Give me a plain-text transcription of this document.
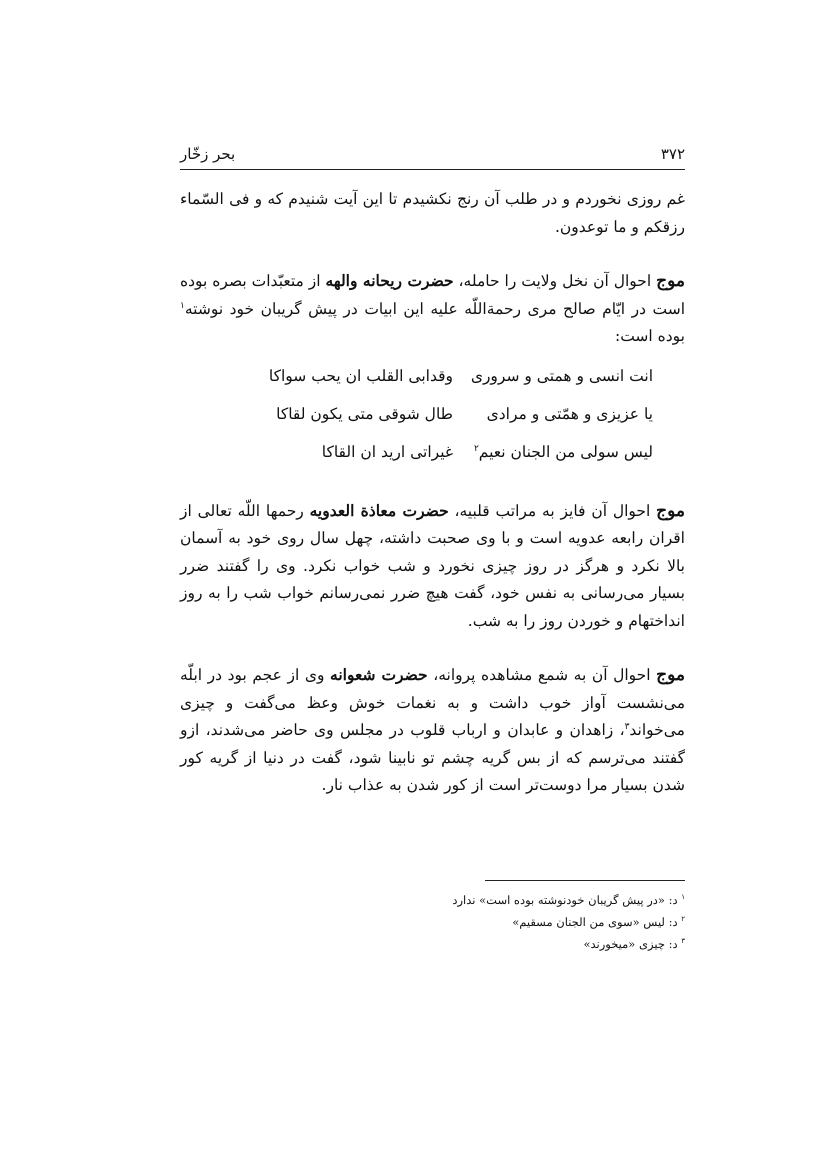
۳۷۲
بحر زخّار

غم روزی نخوردم و در طلب آن رنج نکشیدم تا این آیت شنیدم که و فی السّماء رزقکم و ما توعدون.

موج احوال آن نخل ولایت را حامله، حضرت ریحانه والهه از متعبّدات بصره بوده است در ایّام صالح مری رحمةاللّه علیه این ابیات در پیش گریبان خود نوشته$^۱$ بوده است:

انت انسی و همتی و سروری
وقدابی القلب ان یحب سواکا
یا عزیزی و همّتی و مرادی
طال شوقی متی یکون لقاکا
لیس سولی من الجنان نعیم$^۲$
غیراتی ارید ان القاکا

موج احوال آن فایز به مراتب قلبیه، حضرت معاذة العدویه رحمها اللّه تعالی از اقران رابعه عدویه است و با وی صحبت داشته، چهل سال روی خود به آسمان بالا نکرد و هرگز در روز چیزی نخورد و شب خواب نکرد. وی را گفتند ضرر بسیار می‌رسانی به نفس خود، گفت هیچ ضرر نمی‌رسانم خواب شب را به روز انداختهام و خوردن روز را به شب.

موج احوال آن به شمع مشاهده پروانه، حضرت شعوانه وی از عجم بود در ابلّه می‌نشست آواز خوب داشت و به نغمات خوش وعظ می‌گفت و چیزی می‌خواند$^۳$، زاهدان و عابدان و ارباب قلوب در مجلس وی حاضر می‌شدند، ازو گفتند می‌ترسم که از بس گریه چشم تو نابینا شود، گفت در دنیا از گریه کور شدن بسیار مرا دوست‌تر است از کور شدن به عذاب نار.

$^۱$ د: «در پیش گریبان خودنوشته بوده است» ندارد
$^۲$ د: لیس «سوی من الجنان مسقیم»
$^۳$ د: چیزی «میخورند»
